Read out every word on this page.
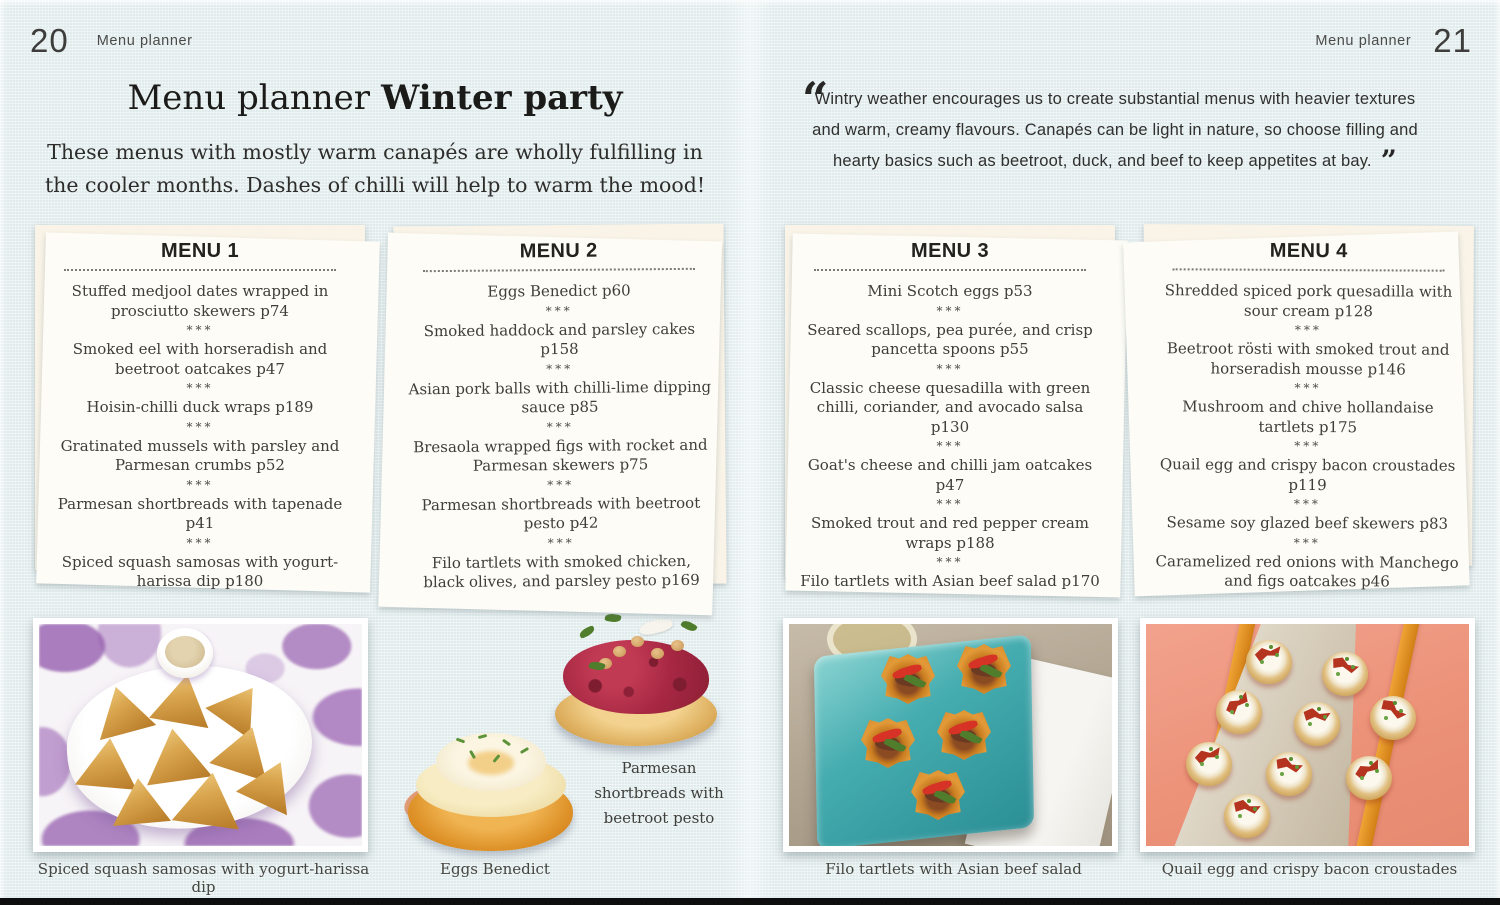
20 Menu planner	Menu planner 21
Menu planner Winter party

These menus with mostly warm canapés are wholly fulfilling in the cooler months. Dashes of chilli will help to warm the mood!

“
Wintry weather encourages us to create substantial menus with heavier textures
and warm, creamy flavours. Canapés can be light in nature, so choose filling and
hearty basics such as beetroot, duck, and beef to keep appetites at bay. ”
MENU 1

Stuffed medjool dates wrapped in prosciutto skewers p74

***

Smoked eel with horseradish and beetroot oatcakes p47

***

Hoisin-chilli duck wraps p189

***

Gratinated mussels with parsley and Parmesan crumbs p52

***

Parmesan shortbreads with tapenade p41

***

Spiced squash samosas with yogurt-harissa dip p180

MENU 2

Eggs Benedict p60

***

Smoked haddock and parsley cakes p158

***

Asian pork balls with chilli-lime dipping sauce p85

***

Bresaola wrapped figs with rocket and Parmesan skewers p75

***

Parmesan shortbreads with beetroot pesto p42

***

Filo tartlets with smoked chicken, black olives, and parsley pesto p169

MENU 3

Mini Scotch eggs p53

***

Seared scallops, pea purée, and crisp pancetta spoons p55

***

Classic cheese quesadilla with green chilli, coriander, and avocado salsa p130

***

Goat's cheese and chilli jam oatcakes p47

***

Smoked trout and red pepper cream wraps p188

***

Filo tartlets with Asian beef salad p170

MENU 4

Shredded spiced pork quesadilla with sour cream p128

***

Beetroot rösti with smoked trout and horseradish mousse p146

***

Mushroom and chive hollandaise tartlets p175

***

Quail egg and crispy bacon croustades p119

***

Sesame soy glazed beef skewers p83

***

Caramelized red onions with Manchego and figs oatcakes p46

Parmesan shortbreads with beetroot pesto

Spiced squash samosas with yogurt-harissa dip

Eggs Benedict	Filo tartlets with Asian beef salad	Quail egg and crispy bacon croustades
